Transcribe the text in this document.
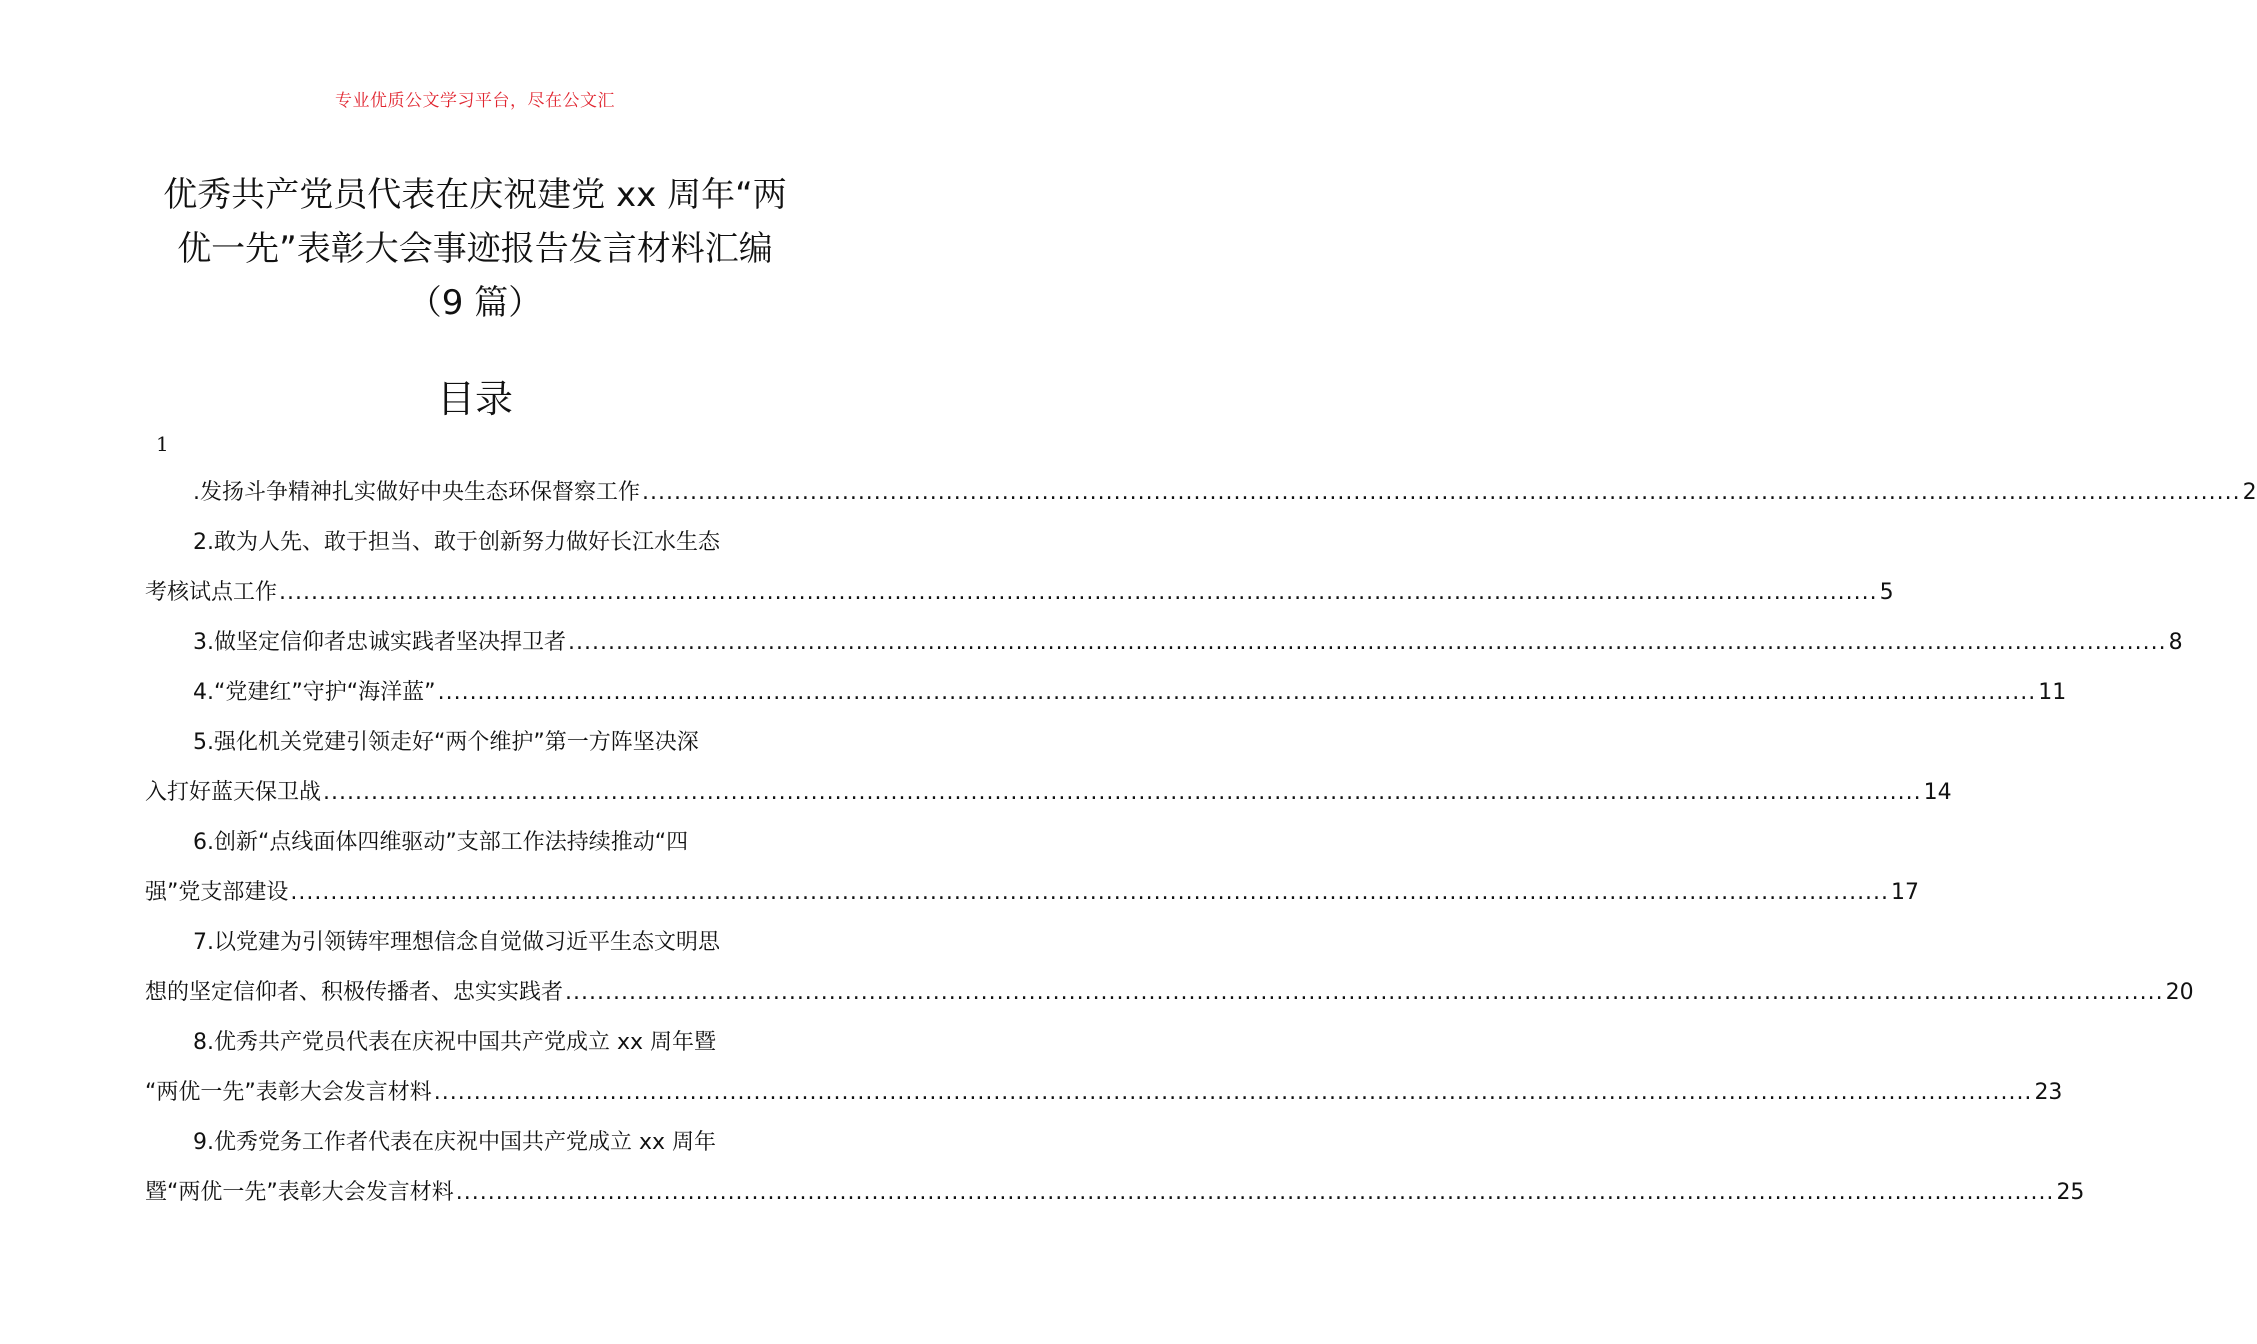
专业优质公文学习平台，尽在公文汇
优秀共产党员代表在庆祝建党 xx 周年“两
优一先”表彰大会事迹报告发言材料汇编
（9 篇）
目录
1
.发扬斗争精神扎实做好中央生态环保督察工作 ........................................................................................................................................................................................................ 2
2.敢为人先、敢于担当、敢于创新努力做好长江水生态
考核试点工作 ........................................................................................................................................................................................................ 5
3.做坚定信仰者忠诚实践者坚决捍卫者 ........................................................................................................................................................................................................ 8
4.“党建红”守护“海洋蓝” ........................................................................................................................................................................................................ 11
5.强化机关党建引领走好“两个维护”第一方阵坚决深
入打好蓝天保卫战 ........................................................................................................................................................................................................ 14
6.创新“点线面体四维驱动”支部工作法持续推动“四
强”党支部建设 ........................................................................................................................................................................................................ 17
7.以党建为引领铸牢理想信念自觉做习近平生态文明思
想的坚定信仰者、积极传播者、忠实实践者 ........................................................................................................................................................................................................ 20
8.优秀共产党员代表在庆祝中国共产党成立 xx 周年暨
“两优一先”表彰大会发言材料 ........................................................................................................................................................................................................ 23
9.优秀党务工作者代表在庆祝中国共产党成立 xx 周年
暨“两优一先”表彰大会发言材料 ........................................................................................................................................................................................................ 25
